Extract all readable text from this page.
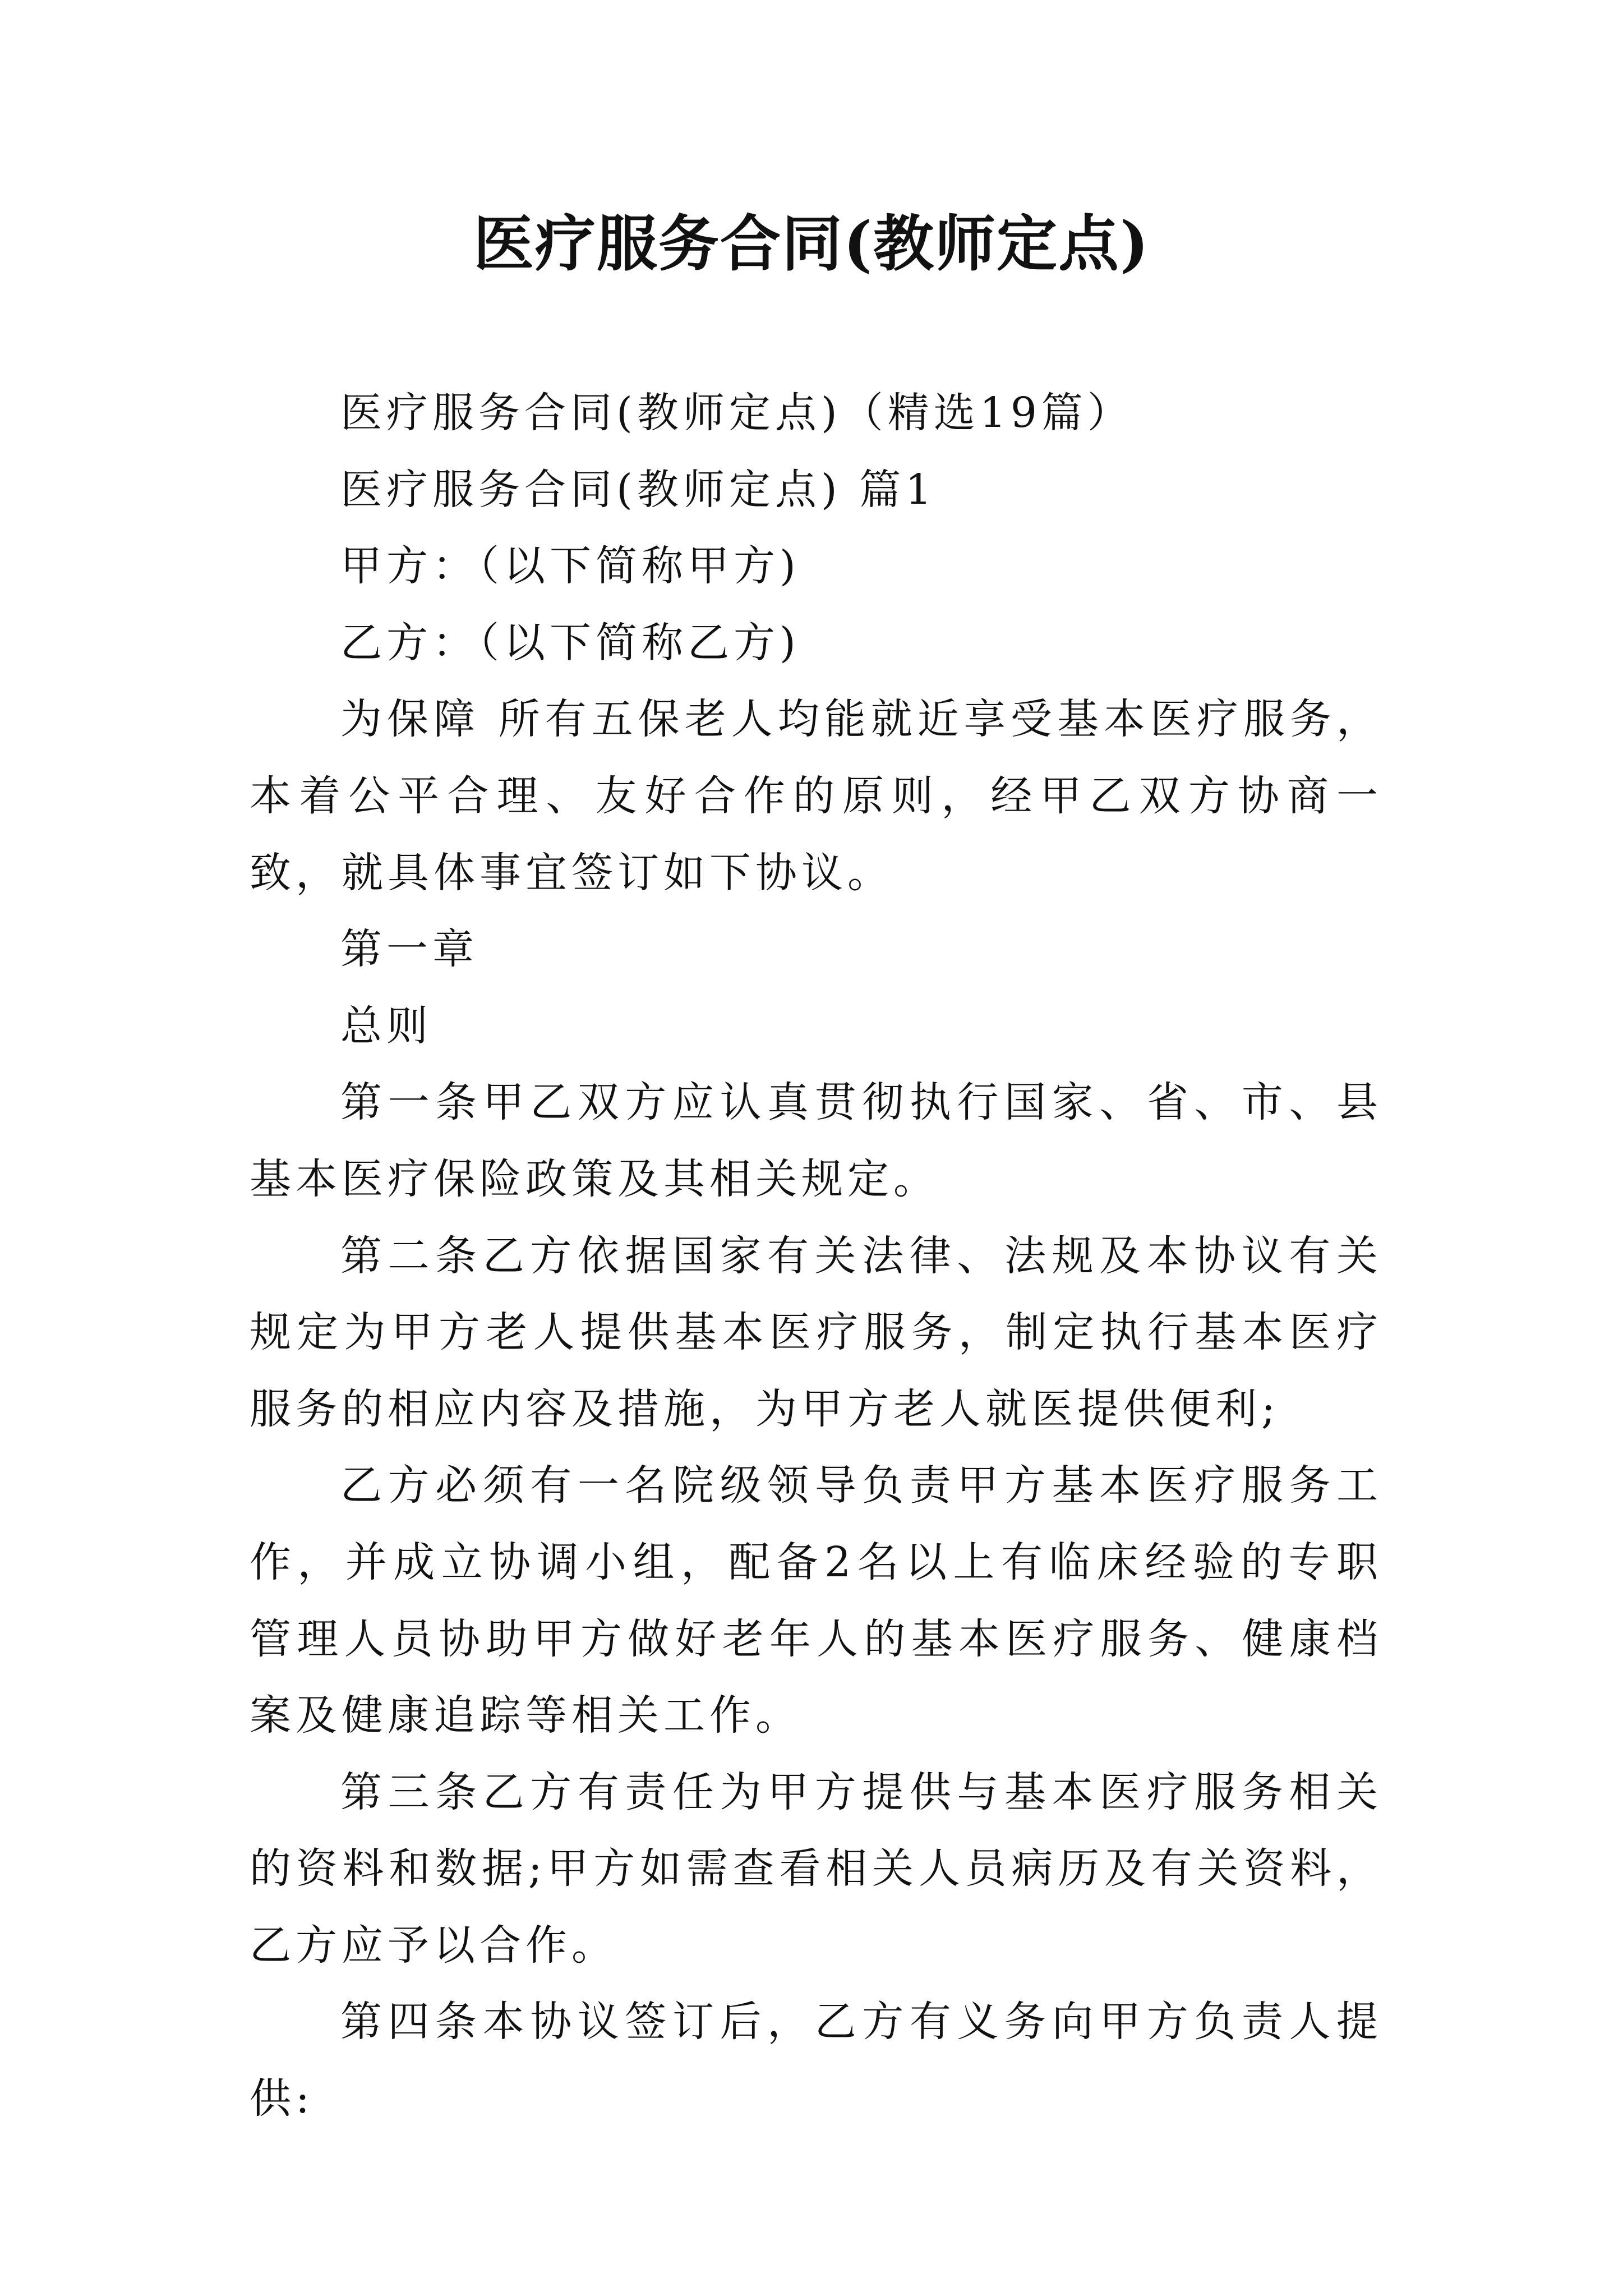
医疗服务合同(教师定点)

医疗服务合同(教师定点)（精选19篇）

医疗服务合同(教师定点) 篇1

甲方：（以下简称甲方)

乙方：（以下简称乙方)

为保障 所有五保老人均能就近享受基本医疗服务，本着公平合理、友好合作的原则，经甲乙双方协商一致，就具体事宜签订如下协议。

第一章

总则

第一条甲乙双方应认真贯彻执行国家、省、市、县基本医疗保险政策及其相关规定。

第二条乙方依据国家有关法律、法规及本协议有关规定为甲方老人提供基本医疗服务，制定执行基本医疗服务的相应内容及措施，为甲方老人就医提供便利;

乙方必须有一名院级领导负责甲方基本医疗服务工作，并成立协调小组，配备2名以上有临床经验的专职管理人员协助甲方做好老年人的基本医疗服务、健康档案及健康追踪等相关工作。

第三条乙方有责任为甲方提供与基本医疗服务相关的资料和数据;甲方如需查看相关人员病历及有关资料，乙方应予以合作。

第四条本协议签订后，乙方有义务向甲方负责人提供:
